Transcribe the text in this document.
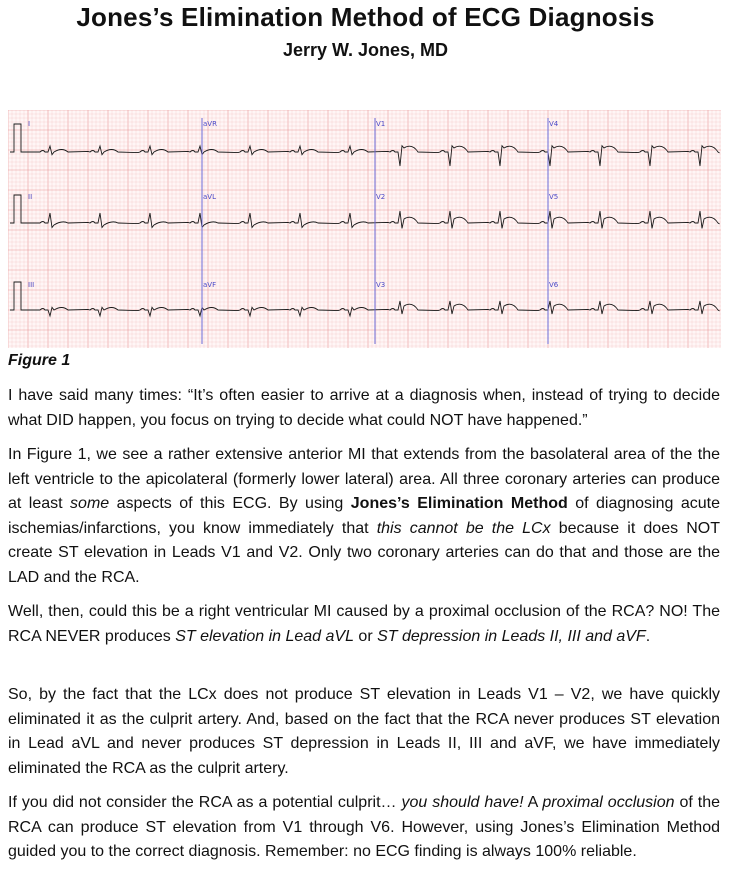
Jones’s Elimination Method of ECG Diagnosis
Jerry W. Jones, MD
I	aVR	V1	V4
II	aVL	V2	V5
III	aVF	V3	V6
Figure 1

I have said many times: “It’s often easier to arrive at a diagnosis when, instead of trying to decide what DID happen, you focus on trying to decide what could NOT have happened.”

In Figure 1, we see a rather extensive anterior MI that extends from the basolateral area of the the left ventricle to the apicolateral (formerly lower lateral) area. All three coronary arteries can produce at least some aspects of this ECG. By using Jones’s Elimination Method of diagnosing acute ischemias/infarctions, you know immediately that this cannot be the LCx because it does NOT create ST elevation in Leads V1 and V2. Only two coronary arteries can do that and those are the LAD and the RCA.

Well, then, could this be a right ventricular MI caused by a proximal occlusion of the RCA? NO! The RCA NEVER produces ST elevation in Lead aVL or ST depression in Leads II, III and aVF.

So, by the fact that the LCx does not produce ST elevation in Leads V1 – V2, we have quickly eliminated it as the culprit artery. And, based on the fact that the RCA never produces ST elevation in Lead aVL and never produces ST depression in Leads II, III and aVF, we have immediately eliminated the RCA as the culprit artery.

If you did not consider the RCA as a potential culprit… you should have! A proximal occlusion of the RCA can produce ST elevation from V1 through V6. However, using Jones’s Elimination Method guided you to the correct diagnosis. Remember: no ECG finding is always 100% reliable.
